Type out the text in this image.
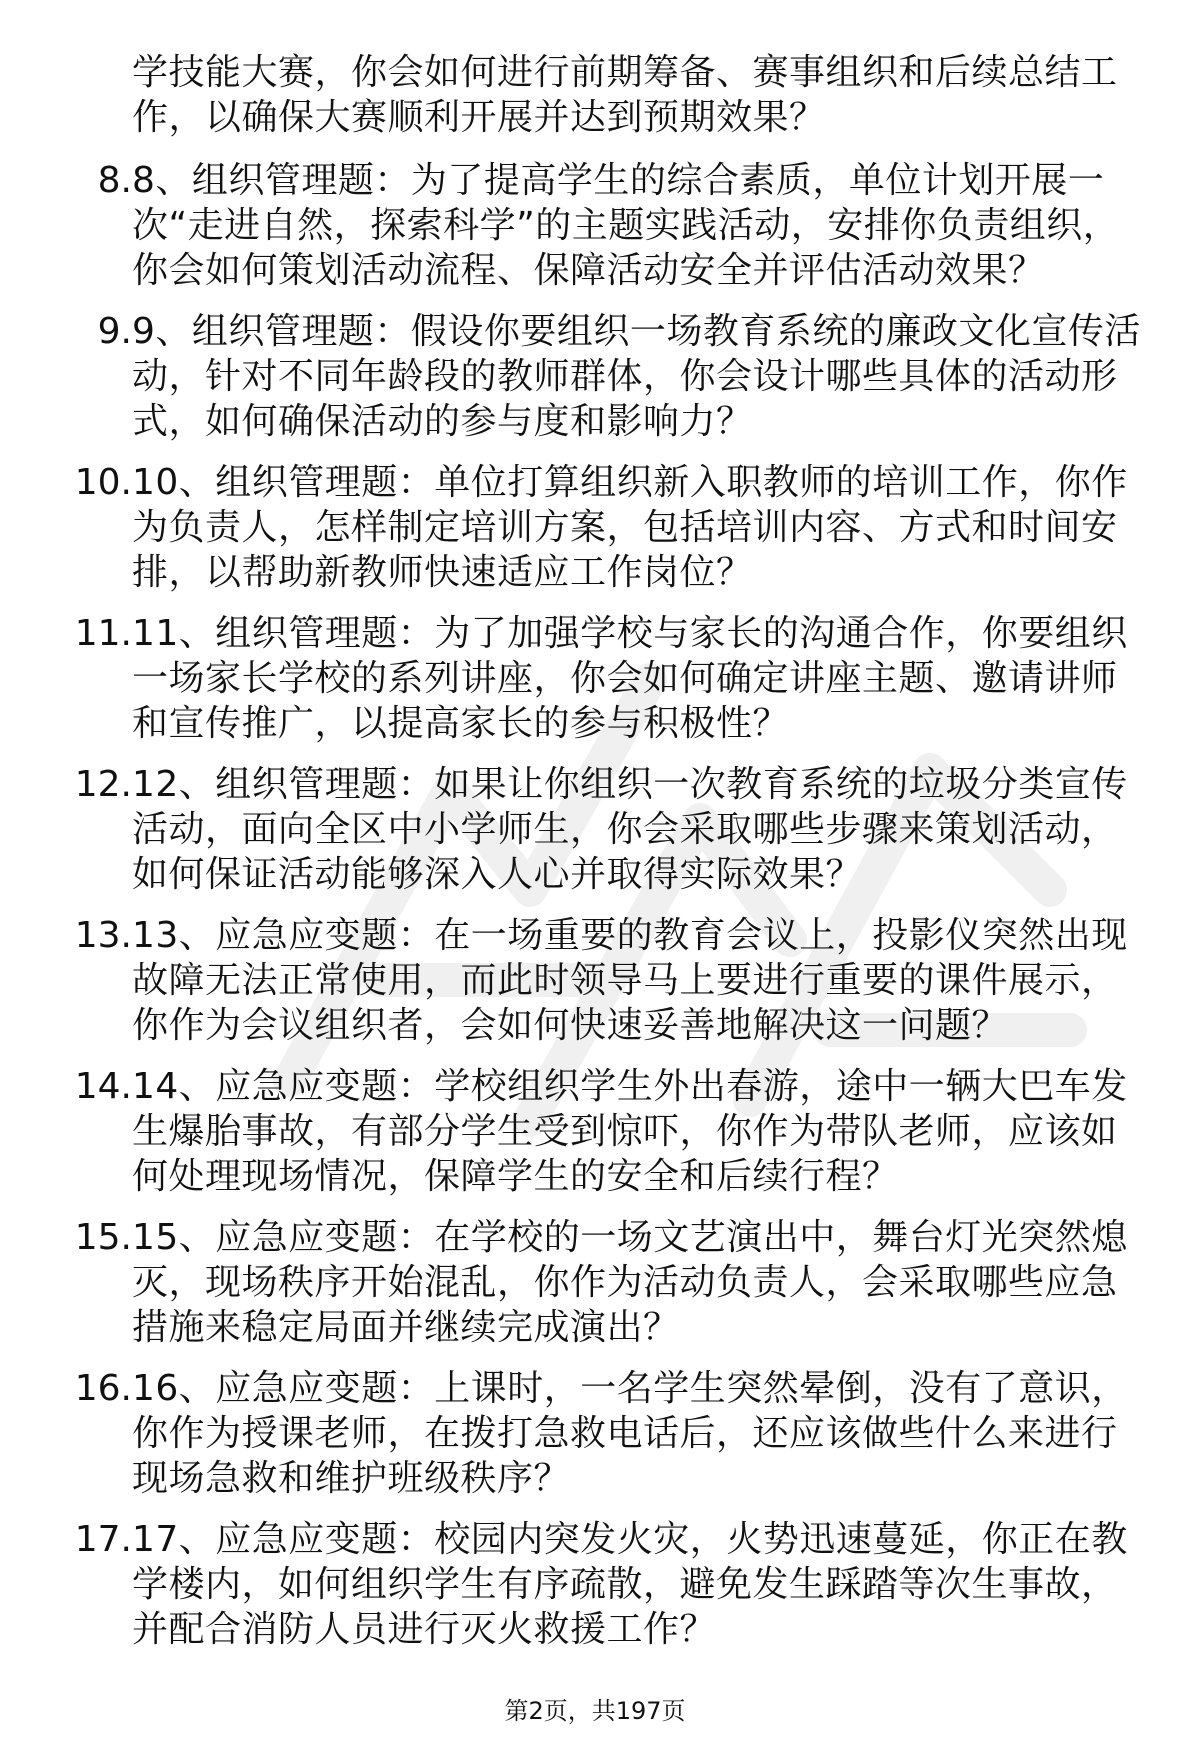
学技能大赛，你会如何进行前期筹备、赛事组织和后续总结工作，以确保大赛顺利开展并达到预期效果？
8. 8、组织管理题：为了提高学生的综合素质，单位计划开展一次“走进自然，探索科学”的主题实践活动，安排你负责组织，你会如何策划活动流程、保障活动安全并评估活动效果？
9. 9、组织管理题：假设你要组织一场教育系统的廉政文化宣传活动，针对不同年龄段的教师群体，你会设计哪些具体的活动形式，如何确保活动的参与度和影响力？
10. 10、组织管理题：单位打算组织新入职教师的培训工作，你作为负责人，怎样制定培训方案，包括培训内容、方式和时间安排，以帮助新教师快速适应工作岗位？
11. 11、组织管理题：为了加强学校与家长的沟通合作，你要组织一场家长学校的系列讲座，你会如何确定讲座主题、邀请讲师和宣传推广，以提高家长的参与积极性？
12. 12、组织管理题：如果让你组织一次教育系统的垃圾分类宣传活动，面向全区中小学师生，你会采取哪些步骤来策划活动，如何保证活动能够深入人心并取得实际效果？
13. 13、应急应变题：在一场重要的教育会议上，投影仪突然出现故障无法正常使用，而此时领导马上要进行重要的课件展示，你作为会议组织者，会如何快速妥善地解决这一问题？
14. 14、应急应变题：学校组织学生外出春游，途中一辆大巴车发生爆胎事故，有部分学生受到惊吓，你作为带队老师，应该如何处理现场情况，保障学生的安全和后续行程？
15. 15、应急应变题：在学校的一场文艺演出中，舞台灯光突然熄灭，现场秩序开始混乱，你作为活动负责人，会采取哪些应急措施来稳定局面并继续完成演出？
16. 16、应急应变题：上课时，一名学生突然晕倒，没有了意识，你作为授课老师，在拨打急救电话后，还应该做些什么来进行现场急救和维护班级秩序？
17. 17、应急应变题：校园内突发火灾，火势迅速蔓延，你正在教学楼内，如何组织学生有序疏散，避免发生踩踏等次生事故，并配合消防人员进行灭火救援工作？
第2页，共197页
